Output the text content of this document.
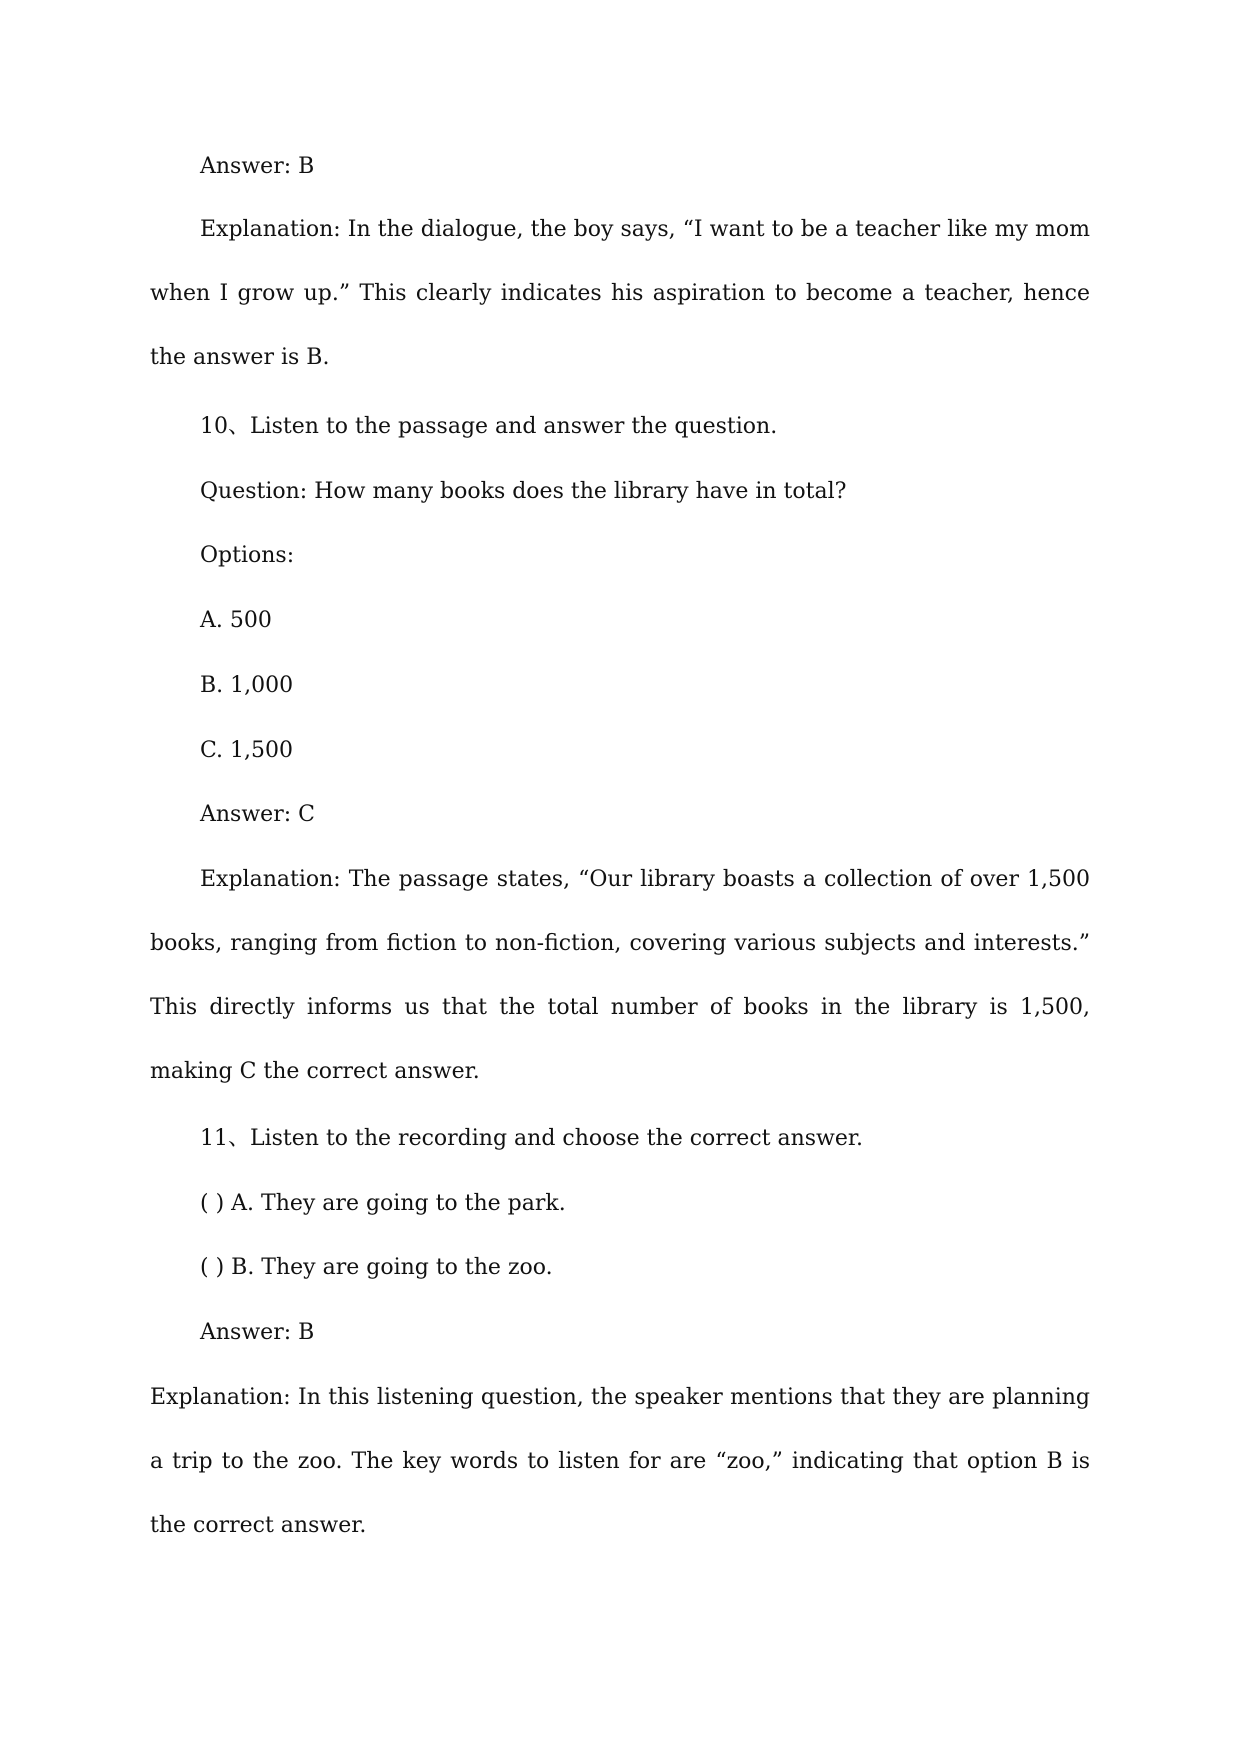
Answer: B
Explanation: In the dialogue, the boy says, “I want to be a teacher like my mom when I grow up.” This clearly indicates his aspiration to become a teacher, hence the answer is B.
10、Listen to the passage and answer the question.
Question: How many books does the library have in total?
Options:
A. 500
B. 1,000
C. 1,500
Answer: C
Explanation: The passage states, “Our library boasts a collection of over 1,500 books, ranging from fiction to non-fiction, covering various subjects and interests.” This directly informs us that the total number of books in the library is 1,500, making C the correct answer.
11、Listen to the recording and choose the correct answer.
( ) A. They are going to the park.
( ) B. They are going to the zoo.
Answer: B
Explanation: In this listening question, the speaker mentions that they are planning a trip to the zoo. The key words to listen for are “zoo,” indicating that option B is the correct answer.
